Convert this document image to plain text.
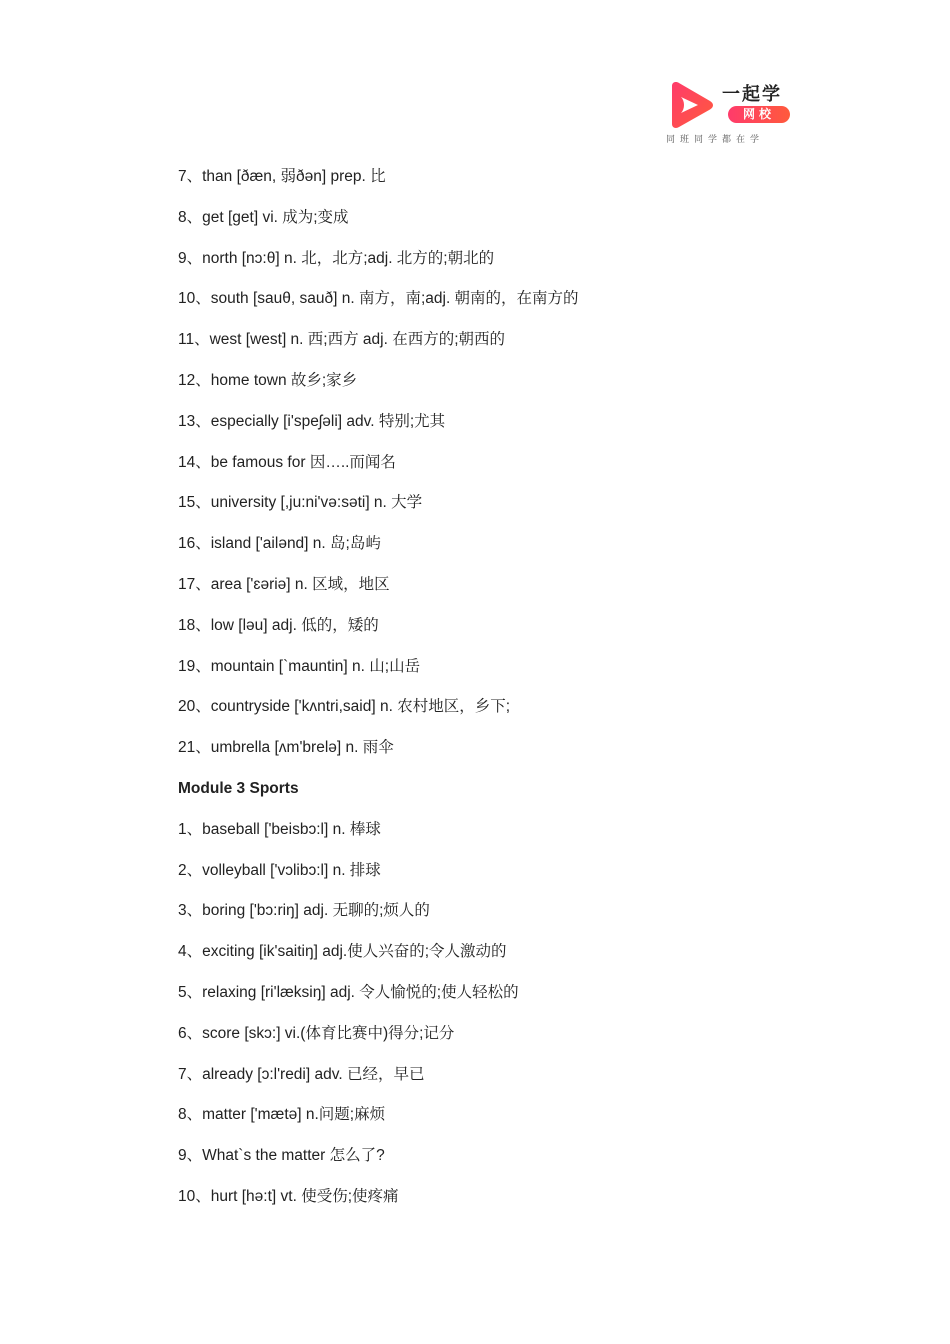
一起学
网校
同班同学都在学
7、than [ðæn, 弱ðən] prep. 比
8、get [get] vi. 成为;变成
9、north [nɔ:θ] n. 北，北方;adj. 北方的;朝北的
10、south [sauθ, sauð] n. 南方，南;adj. 朝南的，在南方的
11、west [west] n. 西;西方 adj. 在西方的;朝西的
12、home town 故乡;家乡
13、especially [i'speʃəli] adv. 特别;尤其
14、be famous for 因…..而闻名
15、university [,ju:ni'və:səti] n. 大学
16、island ['ailənd] n. 岛;岛屿
17、area ['ɛəriə] n. 区域，地区
18、low [ləu] adj. 低的，矮的
19、mountain [`mauntin] n. 山;山岳
20、countryside ['kʌntri,said] n. 农村地区，乡下;
21、umbrella [ʌm'brelə] n. 雨伞
Module 3 Sports
1、baseball ['beisbɔ:l] n. 棒球
2、volleyball ['vɔlibɔ:l] n. 排球
3、boring ['bɔ:riŋ] adj. 无聊的;烦人的
4、exciting [ik'saitiŋ] adj.使人兴奋的;令人激动的
5、relaxing [ri'læksiŋ] adj. 令人愉悦的;使人轻松的
6、score [skɔ:] vi.(体育比赛中)得分;记分
7、already [ɔ:l'redi] adv. 已经，早已
8、matter ['mætə] n.问题;麻烦
9、What`s the matter 怎么了?
10、hurt [hə:t] vt. 使受伤;使疼痛
